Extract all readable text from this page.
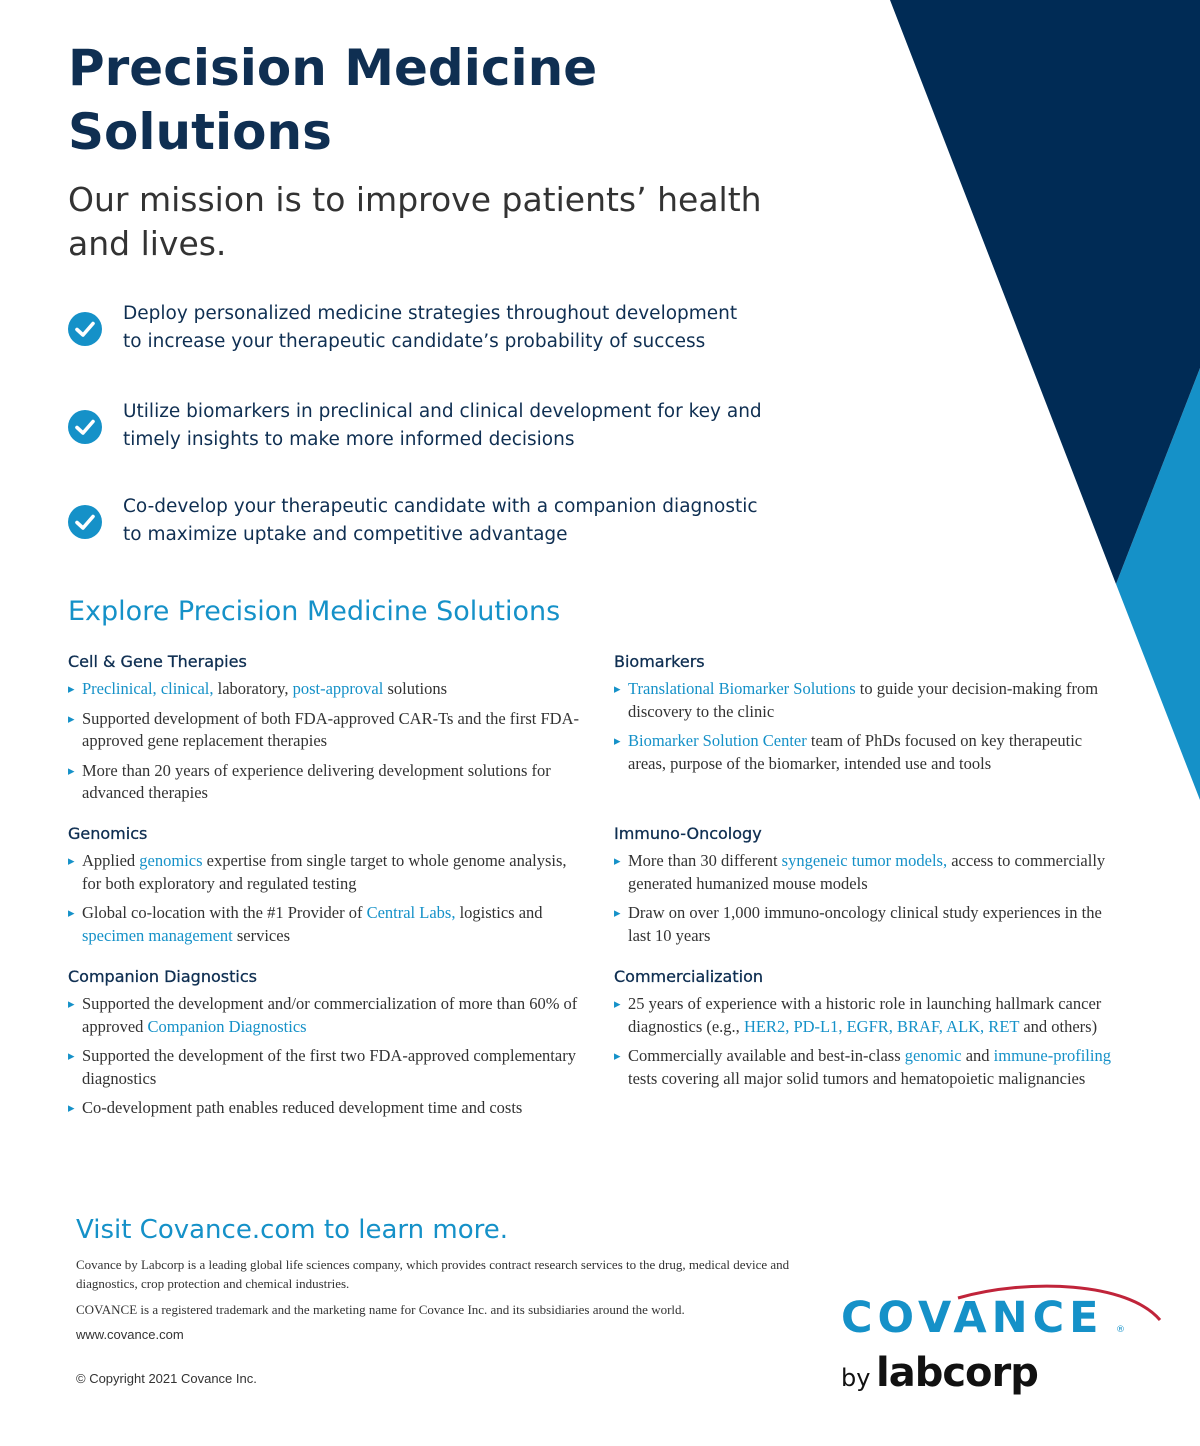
Precision Medicine Solutions

Our mission is to improve patients’ health and lives.

Deploy personalized medicine strategies throughout development
to increase your therapeutic candidate’s probability of success
Utilize biomarkers in preclinical and clinical development for key and
timely insights to make more informed decisions
Co-develop your therapeutic candidate with a companion diagnostic
to maximize uptake and competitive advantage
Explore Precision Medicine Solutions
Cell & Gene Therapies
▸ Preclinical, clinical, laboratory, post-approval solutions
▸ Supported development of both FDA-approved CAR-Ts and the first FDA-approved gene replacement therapies
▸ More than 20 years of experience delivering development solutions for advanced therapies
Genomics
▸ Applied genomics expertise from single target to whole genome analysis, for both exploratory and regulated testing
▸ Global co-location with the #1 Provider of Central Labs, logistics and specimen management services
Companion Diagnostics
▸ Supported the development and/or commercialization of more than 60% of approved Companion Diagnostics
▸ Supported the development of the first two FDA-approved complementary diagnostics
▸ Co-development path enables reduced development time and costs
Biomarkers
▸ Translational Biomarker Solutions to guide your decision-making from discovery to the clinic
▸ Biomarker Solution Center team of PhDs focused on key therapeutic areas, purpose of the biomarker, intended use and tools
Immuno-Oncology
▸ More than 30 different syngeneic tumor models, access to commercially generated humanized mouse models
▸ Draw on over 1,000 immuno-oncology clinical study experiences in the last 10 years
Commercialization
▸ 25 years of experience with a historic role in launching hallmark cancer diagnostics (e.g., HER2, PD-L1, EGFR, BRAF, ALK, RET and others)
▸ Commercially available and best-in-class genomic and immune-profiling tests covering all major solid tumors and hematopoietic malignancies
Visit Covance.com to learn more.

Covance by Labcorp is a leading global life sciences company, which provides contract research services to the drug, medical device and diagnostics, crop protection and chemical industries.

COVANCE is a registered trademark and the marketing name for Covance Inc. and its subsidiaries around the world.

www.covance.com
© Copyright 2021 Covance Inc.
COVANCE ®
by labcorp
